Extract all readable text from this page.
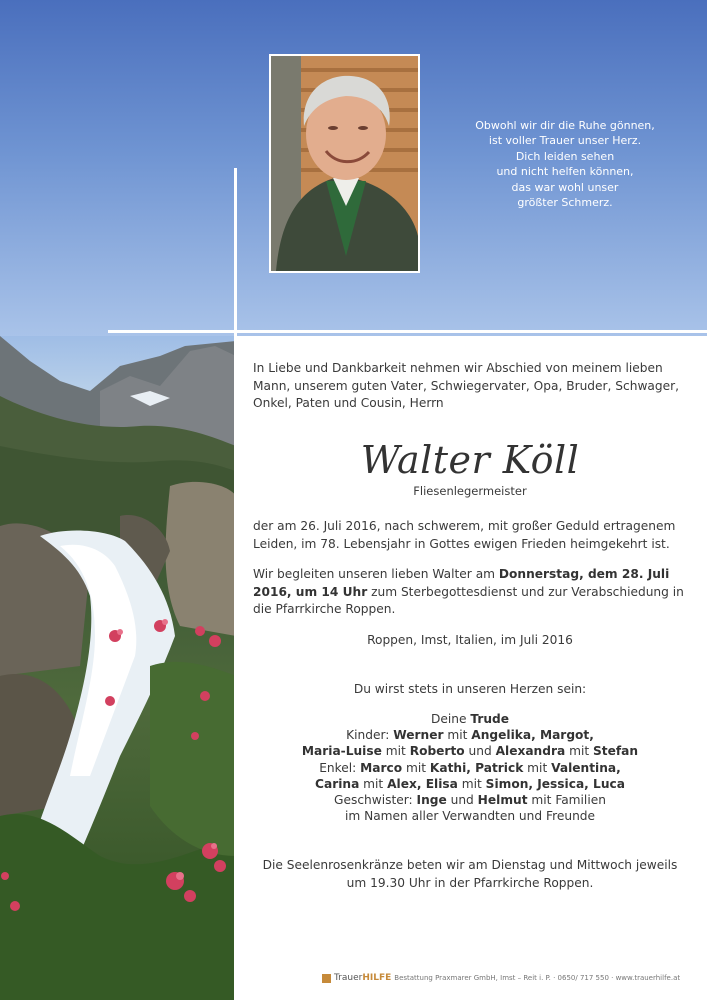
Obwohl wir dir die Ruhe gönnen,
ist voller Trauer unser Herz.
Dich leiden sehen
und nicht helfen können,
das war wohl unser
größter Schmerz.
In Liebe und Dankbarkeit nehmen wir Abschied von meinem lieben
Mann, unserem guten Vater, Schwiegervater, Opa, Bruder, Schwager,
Onkel, Paten und Cousin, Herrn
Walter Köll
Fliesenlegermeister
der am 26. Juli 2016, nach schwerem, mit großer Geduld ertragenem
Leiden, im 78. Lebensjahr in Gottes ewigen Frieden heimgekehrt ist.
Wir begleiten unseren lieben Walter am Donnerstag, dem 28. Juli
2016, um 14 Uhr zum Sterbegottesdienst und zur Verabschiedung in
die Pfarrkirche Roppen.
Roppen, Imst, Italien, im Juli 2016
Du wirst stets in unseren Herzen sein:
Deine Trude
Kinder: Werner mit Angelika, Margot,
Maria-Luise mit Roberto und Alexandra mit Stefan
Enkel: Marco mit Kathi, Patrick mit Valentina,
Carina mit Alex, Elisa mit Simon, Jessica, Luca
Geschwister: Inge und Helmut mit Familien
im Namen aller Verwandten und Freunde
Die Seelenrosenkränze beten wir am Dienstag und Mittwoch jeweils
um 19.30 Uhr in der Pfarrkirche Roppen.
TrauerHILFE Bestattung Praxmarer GmbH, Imst – Reit i. P. · 0650/ 717 550 · www.trauerhilfe.at
